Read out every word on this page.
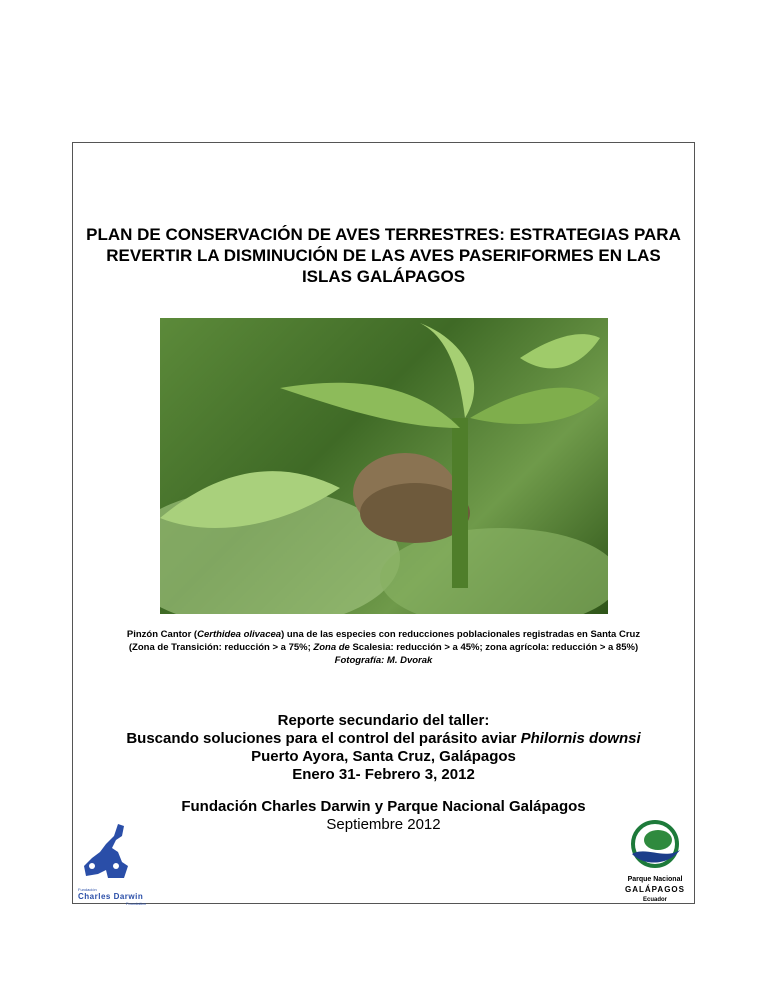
PLAN DE CONSERVACIÓN DE AVES TERRESTRES: ESTRATEGIAS PARA
REVERTIR LA DISMINUCIÓN DE LAS AVES PASERIFORMES EN LAS
ISLAS GALÁPAGOS
Pinzón Cantor (Certhidea olivacea) una de las especies con reducciones poblacionales registradas en Santa Cruz
(Zona de Transición: reducción > a 75%; Zona de Scalesia: reducción > a 45%; zona agrícola: reducción > a 85%)
Fotografía: M. Dvorak
Reporte secundario del taller:
Buscando soluciones para el control del parásito aviar Philornis downsi
Puerto Ayora, Santa Cruz, Galápagos
Enero 31- Febrero 3, 2012
Fundación Charles Darwin y Parque Nacional Galápagos
Septiembre 2012
Fundación
Charles Darwin
Foundation
Parque Nacional
GALÁPAGOS
Ecuador
